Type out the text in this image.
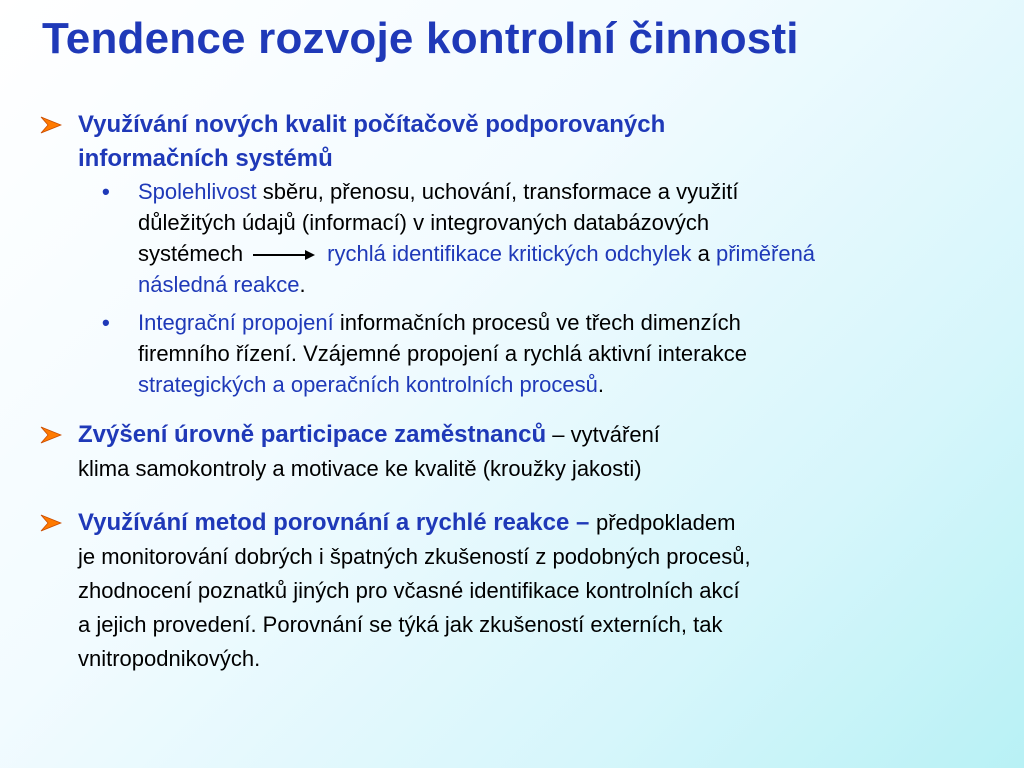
Tendence rozvoje kontrolní činnosti
Využívání nových kvalit počítačově podporovaných
informačních systémů
• Spolehlivost sběru, přenosu, uchování, transformace a využití
důležitých údajů (informací) v integrovaných databázových
systémech	rychlá identifikace kritických odchylek a přiměřená
následná reakce.
• Integrační propojení informačních procesů ve třech dimenzích
firemního řízení. Vzájemné propojení a rychlá aktivní interakce
strategických a operačních kontrolních procesů.
Zvýšení úrovně participace zaměstnanců – vytváření
klima samokontroly a motivace ke kvalitě (kroužky jakosti)
Využívání metod porovnání a rychlé reakce – předpokladem
je monitorování dobrých i špatných zkušeností z podobných procesů,
zhodnocení poznatků jiných pro včasné identifikace kontrolních akcí
a jejich provedení. Porovnání se týká jak zkušeností externích, tak
vnitropodnikových.
